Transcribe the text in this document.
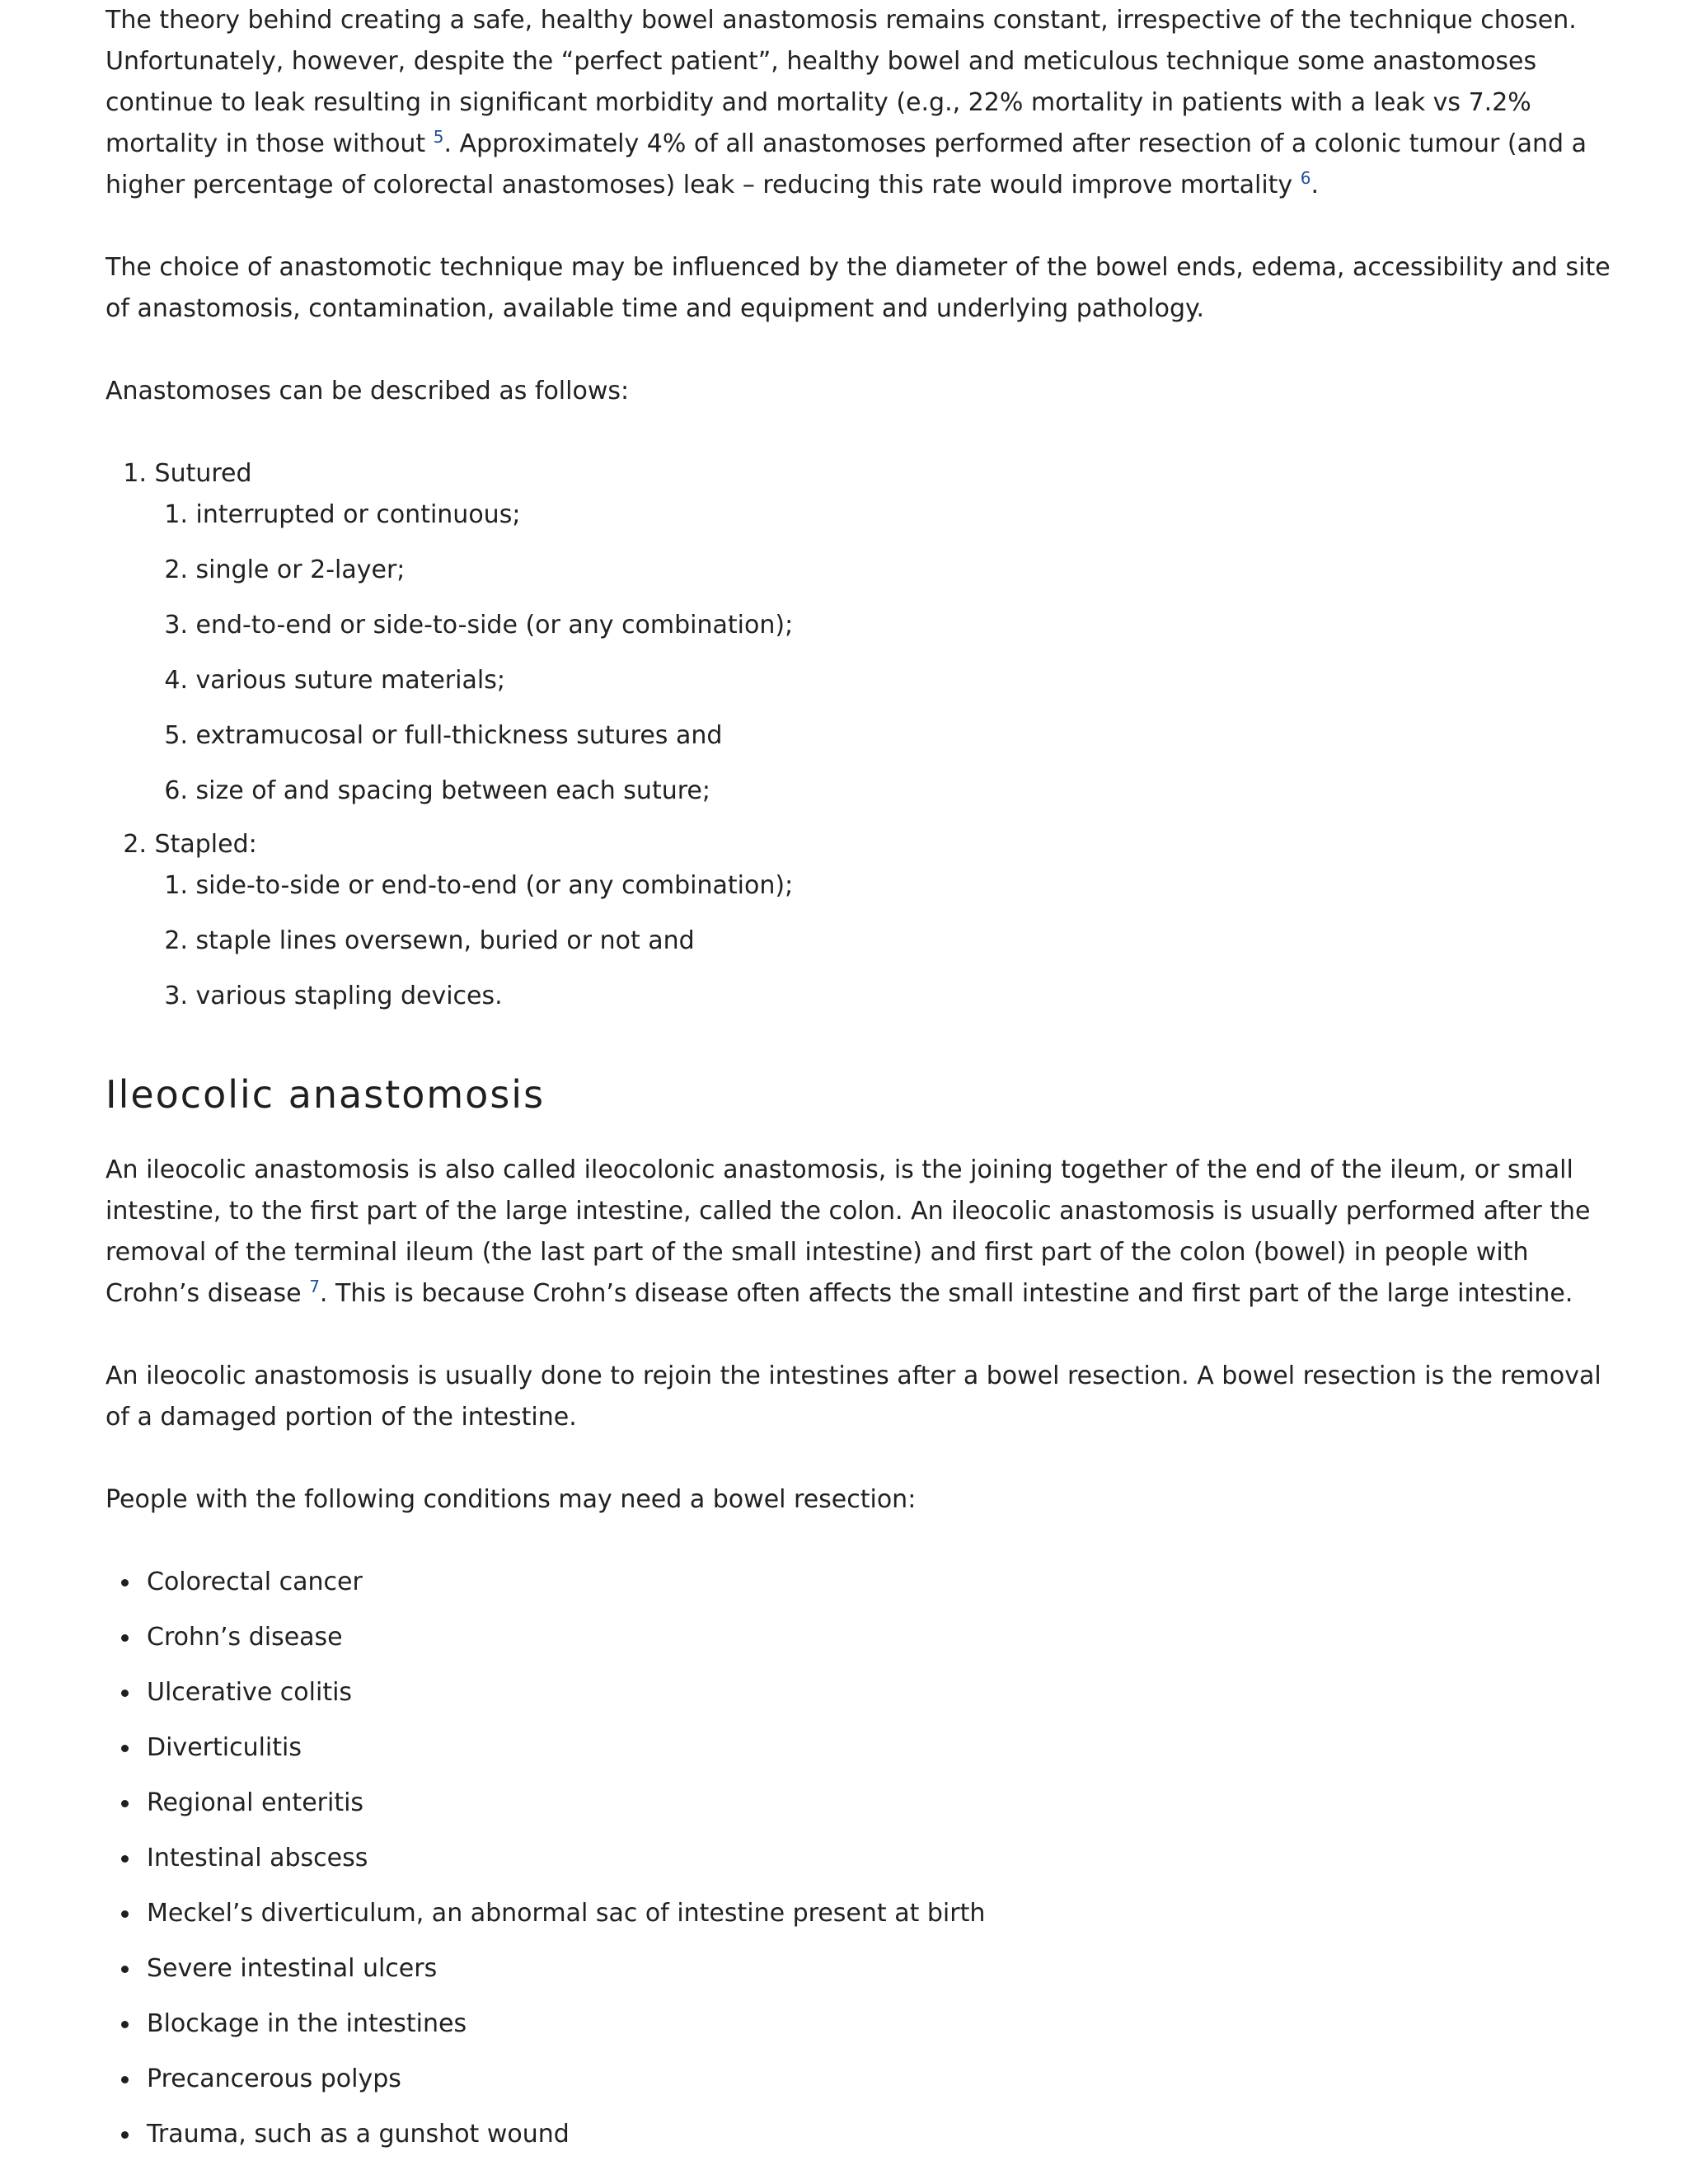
The theory behind creating a safe, healthy bowel anastomosis remains constant, irrespective of the technique chosen. Unfortunately, however, despite the “perfect patient”, healthy bowel and meticulous technique some anastomoses continue to leak resulting in significant morbidity and mortality (e.g., 22% mortality in patients with a leak vs 7.2% mortality in those without $^5$. Approximately 4% of all anastomoses performed after resection of a colonic tumour (and a higher percentage of colorectal anastomoses) leak – reducing this rate would improve mortality $^6$.

The choice of anastomotic technique may be influenced by the diameter of the bowel ends, edema, accessibility and site of anastomosis, contamination, available time and equipment and underlying pathology.

Anastomoses can be described as follows:

1. Sutured
1. interrupted or continuous;
2. single or 2-layer;
3. end-to-end or side-to-side (or any combination);
4. various suture materials;
5. extramucosal or full-thickness sutures and
6. size of and spacing between each suture;
2. Stapled:
1. side-to-side or end-to-end (or any combination);
2. staple lines oversewn, buried or not and
3. various stapling devices.
Ileocolic anastomosis

An ileocolic anastomosis is also called ileocolonic anastomosis, is the joining together of the end of the ileum, or small intestine, to the first part of the large intestine, called the colon. An ileocolic anastomosis is usually performed after the removal of the terminal ileum (the last part of the small intestine) and first part of the colon (bowel) in people with Crohn’s disease $^7$. This is because Crohn’s disease often affects the small intestine and first part of the large intestine.

An ileocolic anastomosis is usually done to rejoin the intestines after a bowel resection. A bowel resection is the removal of a damaged portion of the intestine.

People with the following conditions may need a bowel resection:

Colorectal cancer
Crohn’s disease
Ulcerative colitis
Diverticulitis
Regional enteritis
Intestinal abscess
Meckel’s diverticulum, an abnormal sac of intestine present at birth
Severe intestinal ulcers
Blockage in the intestines
Precancerous polyps
Trauma, such as a gunshot wound
